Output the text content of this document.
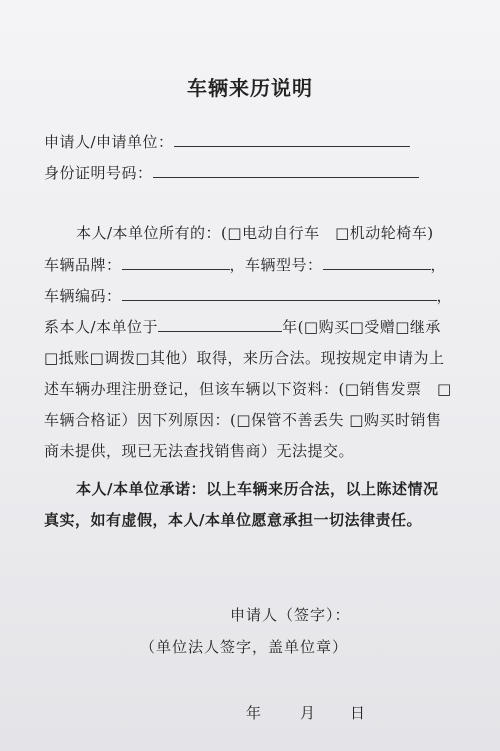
车辆来历说明
申请人/申请单位：
身份证明号码：
本人/本单位所有的：(□电动自行车　□机动轮椅车)
车辆品牌：	，车辆型号：	，
车辆编码：	，
系本人/本单位于	年(□购买□受赠□继承
□抵账□调拨□其他）取得，来历合法。现按规定申请为上
述车辆办理注册登记，但该车辆以下资料：(□销售发票　□
车辆合格证）因下列原因：(□保管不善丢失 □购买时销售
商未提供，现已无法查找销售商）无法提交。
本人/本单位承诺：以上车辆来历合法，以上陈述情况
真实，如有虚假，本人/本单位愿意承担一切法律责任。
申请人（签字）：
（单位法人签字，盖单位章）
年	月 日
